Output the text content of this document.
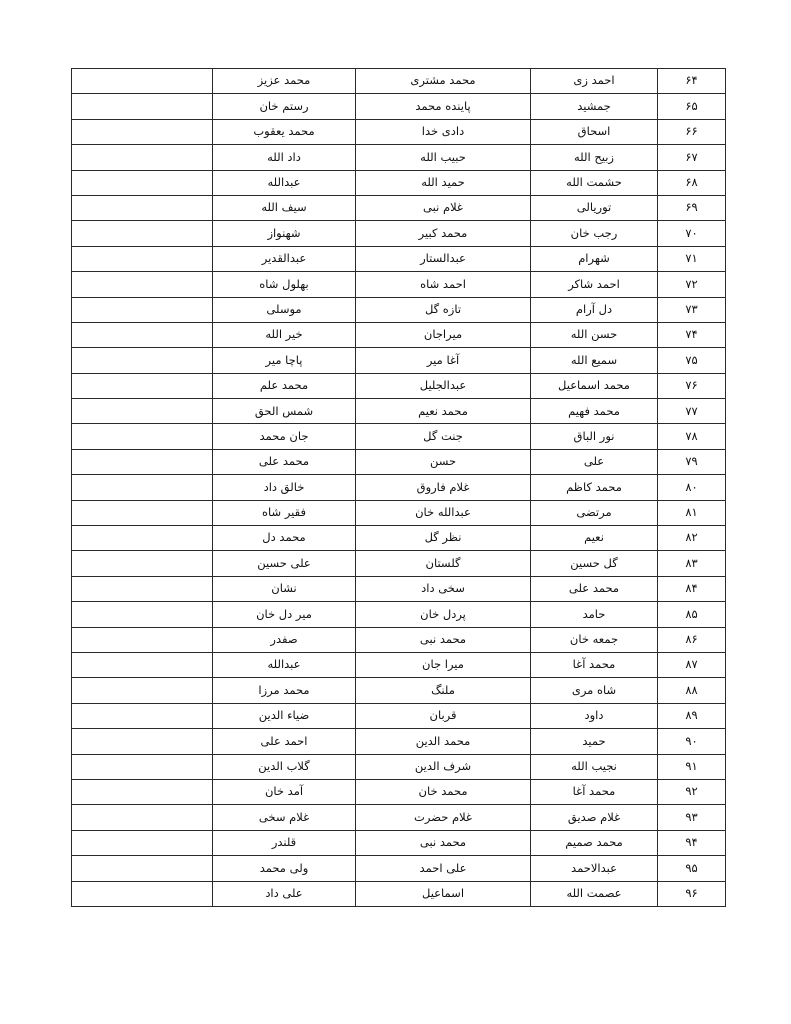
۶۴	احمد زی	محمد مشتری	محمد عزیز	
۶۵	جمشید	پاینده محمد	رستم خان	
۶۶	اسحاق	دادی خدا	محمد یعقوب	
۶۷	زبیح الله	حبیب الله	داد الله	
۶۸	حشمت الله	حمید الله	عبدالله	
۶۹	توریالی	غلام نبی	سیف الله	
۷۰	رجب خان	محمد کبیر	شهنواز	
۷۱	شهرام	عبدالستار	عبدالقدیر	
۷۲	احمد شاکر	احمد شاه	بهلول شاه	
۷۳	دل آرام	تازه گل	موسلی	
۷۴	حسن الله	میراجان	خیر الله	
۷۵	سمیع الله	آغا میر	پاچا میر	
۷۶	محمد اسماعیل	عبدالجلیل	محمد علم	
۷۷	محمد فهیم	محمد نعیم	شمس الحق	
۷۸	نور الباق	جنت گل	جان محمد	
۷۹	علی	حسن	محمد علی	
۸۰	محمد کاظم	غلام فاروق	خالق داد	
۸۱	مرتضی	عبدالله خان	فقیر شاه	
۸۲	نعیم	نظر گل	محمد دل	
۸۳	گل حسین	گلستان	علی حسین	
۸۴	محمد علی	سخی داد	نشان	
۸۵	حامد	پردل خان	میر دل خان	
۸۶	جمعه خان	محمد نبی	صفدر	
۸۷	محمد آغا	میرا جان	عبدالله	
۸۸	شاه مری	ملنگ	محمد مرزا	
۸۹	داود	قربان	ضیاء الدین	
۹۰	حمید	محمد الدین	احمد علی	
۹۱	نجیب الله	شرف الدین	گلاب الدین	
۹۲	محمد آغا	محمد خان	آمد خان	
۹۳	غلام صدیق	غلام حضرت	غلام سخی	
۹۴	محمد صمیم	محمد نبی	قلندر	
۹۵	عبدالاحمد	علی احمد	ولی محمد	
۹۶	عصمت الله	اسماعیل	علی داد	
